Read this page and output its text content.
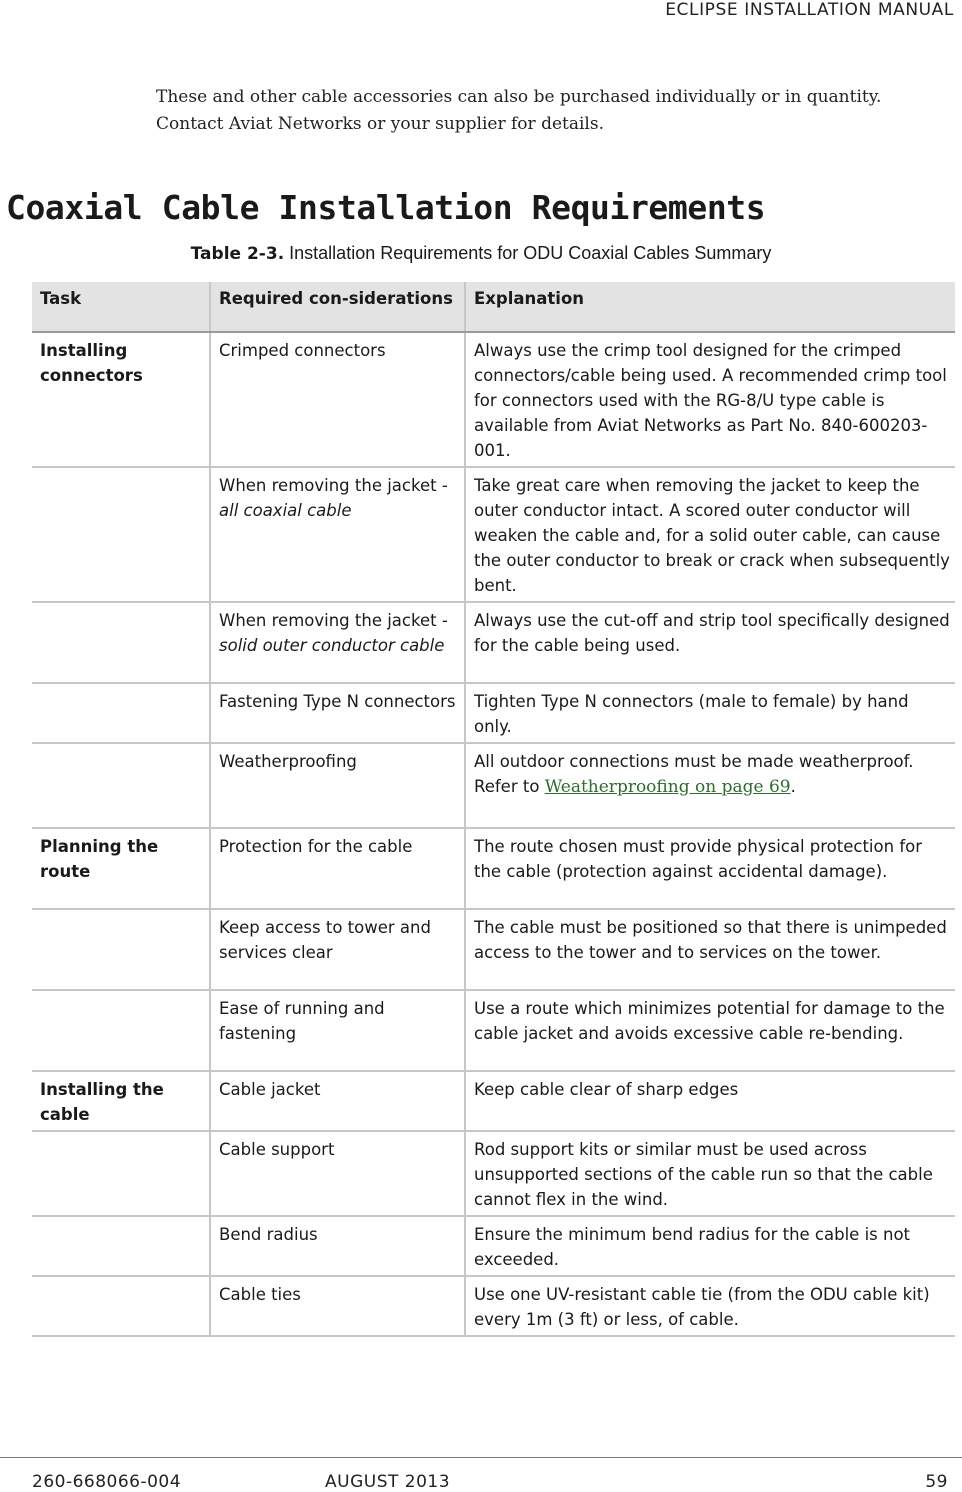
ECLIPSE INSTALLATION MANUAL

These and other cable accessories can also be purchased individually or in quantity.

Contact Aviat Networks or your supplier for details.

Coaxial Cable Installation Requirements
Table 2-3. Installation Requirements for ODU Coaxial Cables Summary
Task	Required con-siderations	Explanation
Installing connectors	Crimped connectors	Always use the crimp tool designed for the crimped connectors/cable being used. A recommended crimp tool for connectors used with the RG-8/U type cable is available from Aviat Networks as Part No. 840-600203-001.
	When removing the jacket - all coaxial cable	Take great care when removing the jacket to keep the outer conductor intact. A scored outer conductor will weaken the cable and, for a solid outer cable, can cause the outer conductor to break or crack when subsequently bent.
	When removing the jacket -solid outer conductor cable	Always use the cut-off and strip tool specifically designed for the cable being used.
	Fastening Type N connectors	Tighten Type N connectors (male to female) by hand only.
	Weatherproofing	All outdoor connections must be made weatherproof. Refer to Weatherproofing on page 69.
Planning the route	Protection for the cable	The route chosen must provide physical protection for the cable (protection against accidental damage).
	Keep access to tower and services clear	The cable must be positioned so that there is unimpeded access to the tower and to services on the tower.
	Ease of running and fastening	Use a route which minimizes potential for damage to the cable jacket and avoids excessive cable re-bending.
Installing the cable	Cable jacket	Keep cable clear of sharp edges
	Cable support	Rod support kits or similar must be used across unsupported sections of the cable run so that the cable cannot flex in the wind.
	Bend radius	Ensure the minimum bend radius for the cable is not exceeded.
	Cable ties	Use one UV-resistant cable tie (from the ODU cable kit) every 1m (3 ft) or less, of cable.
260-668066-004	AUGUST 2013	59
